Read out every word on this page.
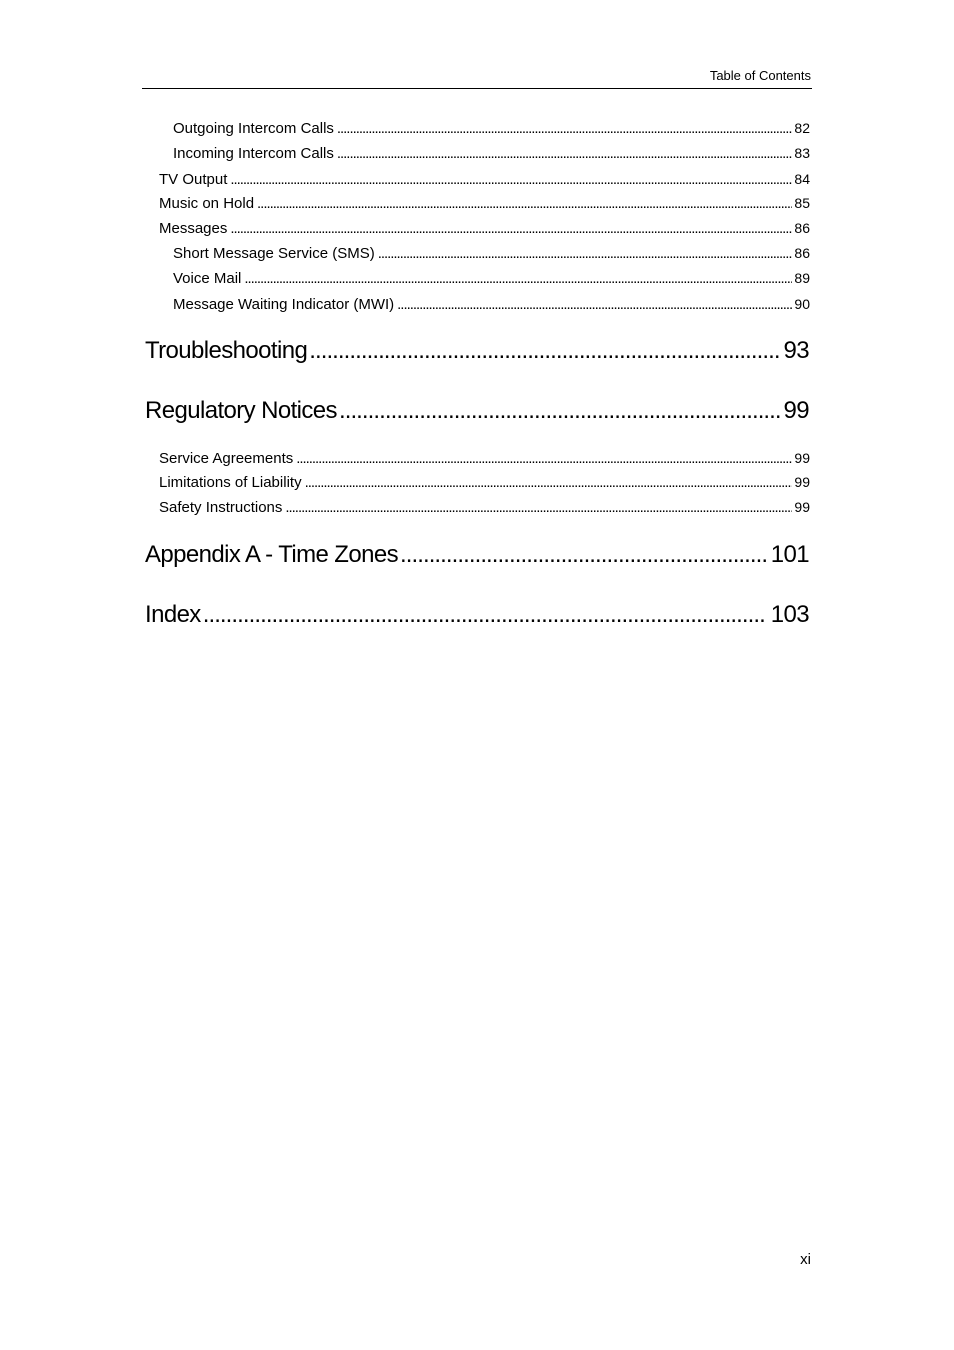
Table of Contents
Outgoing Intercom Calls . . .	82
Incoming Intercom Calls . . .	83
TV Output . . .	84
Music on Hold . . .	85
Messages . . .	86
Short Message Service (SMS) . . .	86
Voice Mail . . .	89
Message Waiting Indicator (MWI) . . .	90
Troubleshooting . . .	93
Regulatory Notices . . .	99
Service Agreements . . .	99
Limitations of Liability . . .	99
Safety Instructions . . .	99
Appendix A - Time Zones . . .	101
Index . . .	103
xi
